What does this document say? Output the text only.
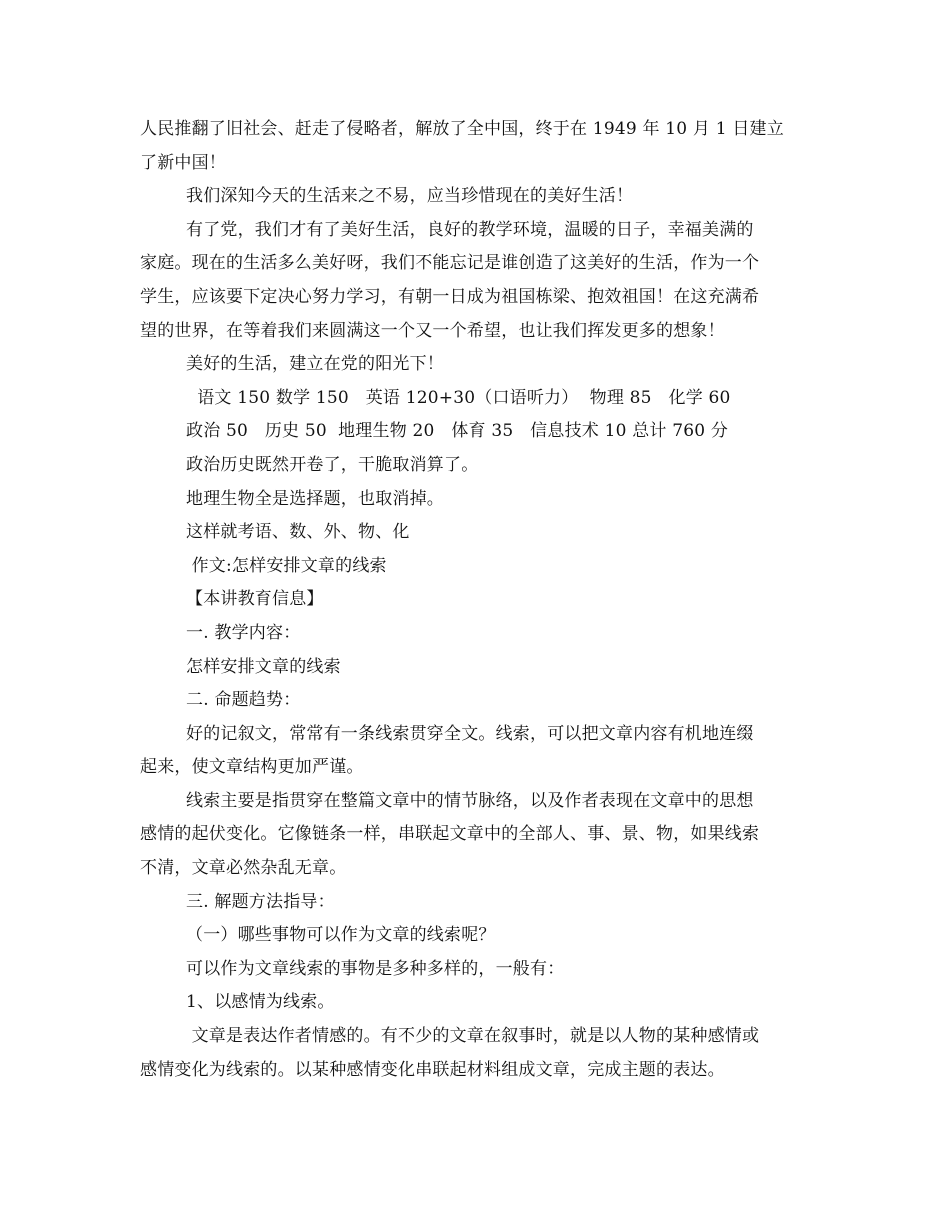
人民推翻了旧社会、赶走了侵略者，解放了全中国，终于在 1949 年 10 月 1 日建立
了新中国！
我们深知今天的生活来之不易，应当珍惜现在的美好生活！
有了党，我们才有了美好生活，良好的教学环境，温暖的日子，幸福美满的
家庭。现在的生活多么美好呀，我们不能忘记是谁创造了这美好的生活，作为一个
学生，应该要下定决心努力学习，有朝一日成为祖国栋梁、抱效祖国！在这充满希
望的世界，在等着我们来圆满这一个又一个希望，也让我们挥发更多的想象！
美好的生活，建立在党的阳光下！
语文 150 数学 150   英语 120+30（口语听力）  物理 85   化学 60
政治 50   历史 50  地理生物 20   体育 35   信息技术 10 总计 760 分
政治历史既然开卷了，干脆取消算了。
地理生物全是选择题，也取消掉。
这样就考语、数、外、物、化
作文:怎样安排文章的线索
【本讲教育信息】
一. 教学内容：
怎样安排文章的线索
二. 命题趋势：
好的记叙文，常常有一条线索贯穿全文。线索，可以把文章内容有机地连缀
起来，使文章结构更加严谨。
线索主要是指贯穿在整篇文章中的情节脉络，以及作者表现在文章中的思想
感情的起伏变化。它像链条一样，串联起文章中的全部人、事、景、物，如果线索
不清，文章必然杂乱无章。
三. 解题方法指导：
（一）哪些事物可以作为文章的线索呢？
可以作为文章线索的事物是多种多样的，一般有：
1、以感情为线索。
文章是表达作者情感的。有不少的文章在叙事时，就是以人物的某种感情或
感情变化为线索的。以某种感情变化串联起材料组成文章，完成主题的表达。
